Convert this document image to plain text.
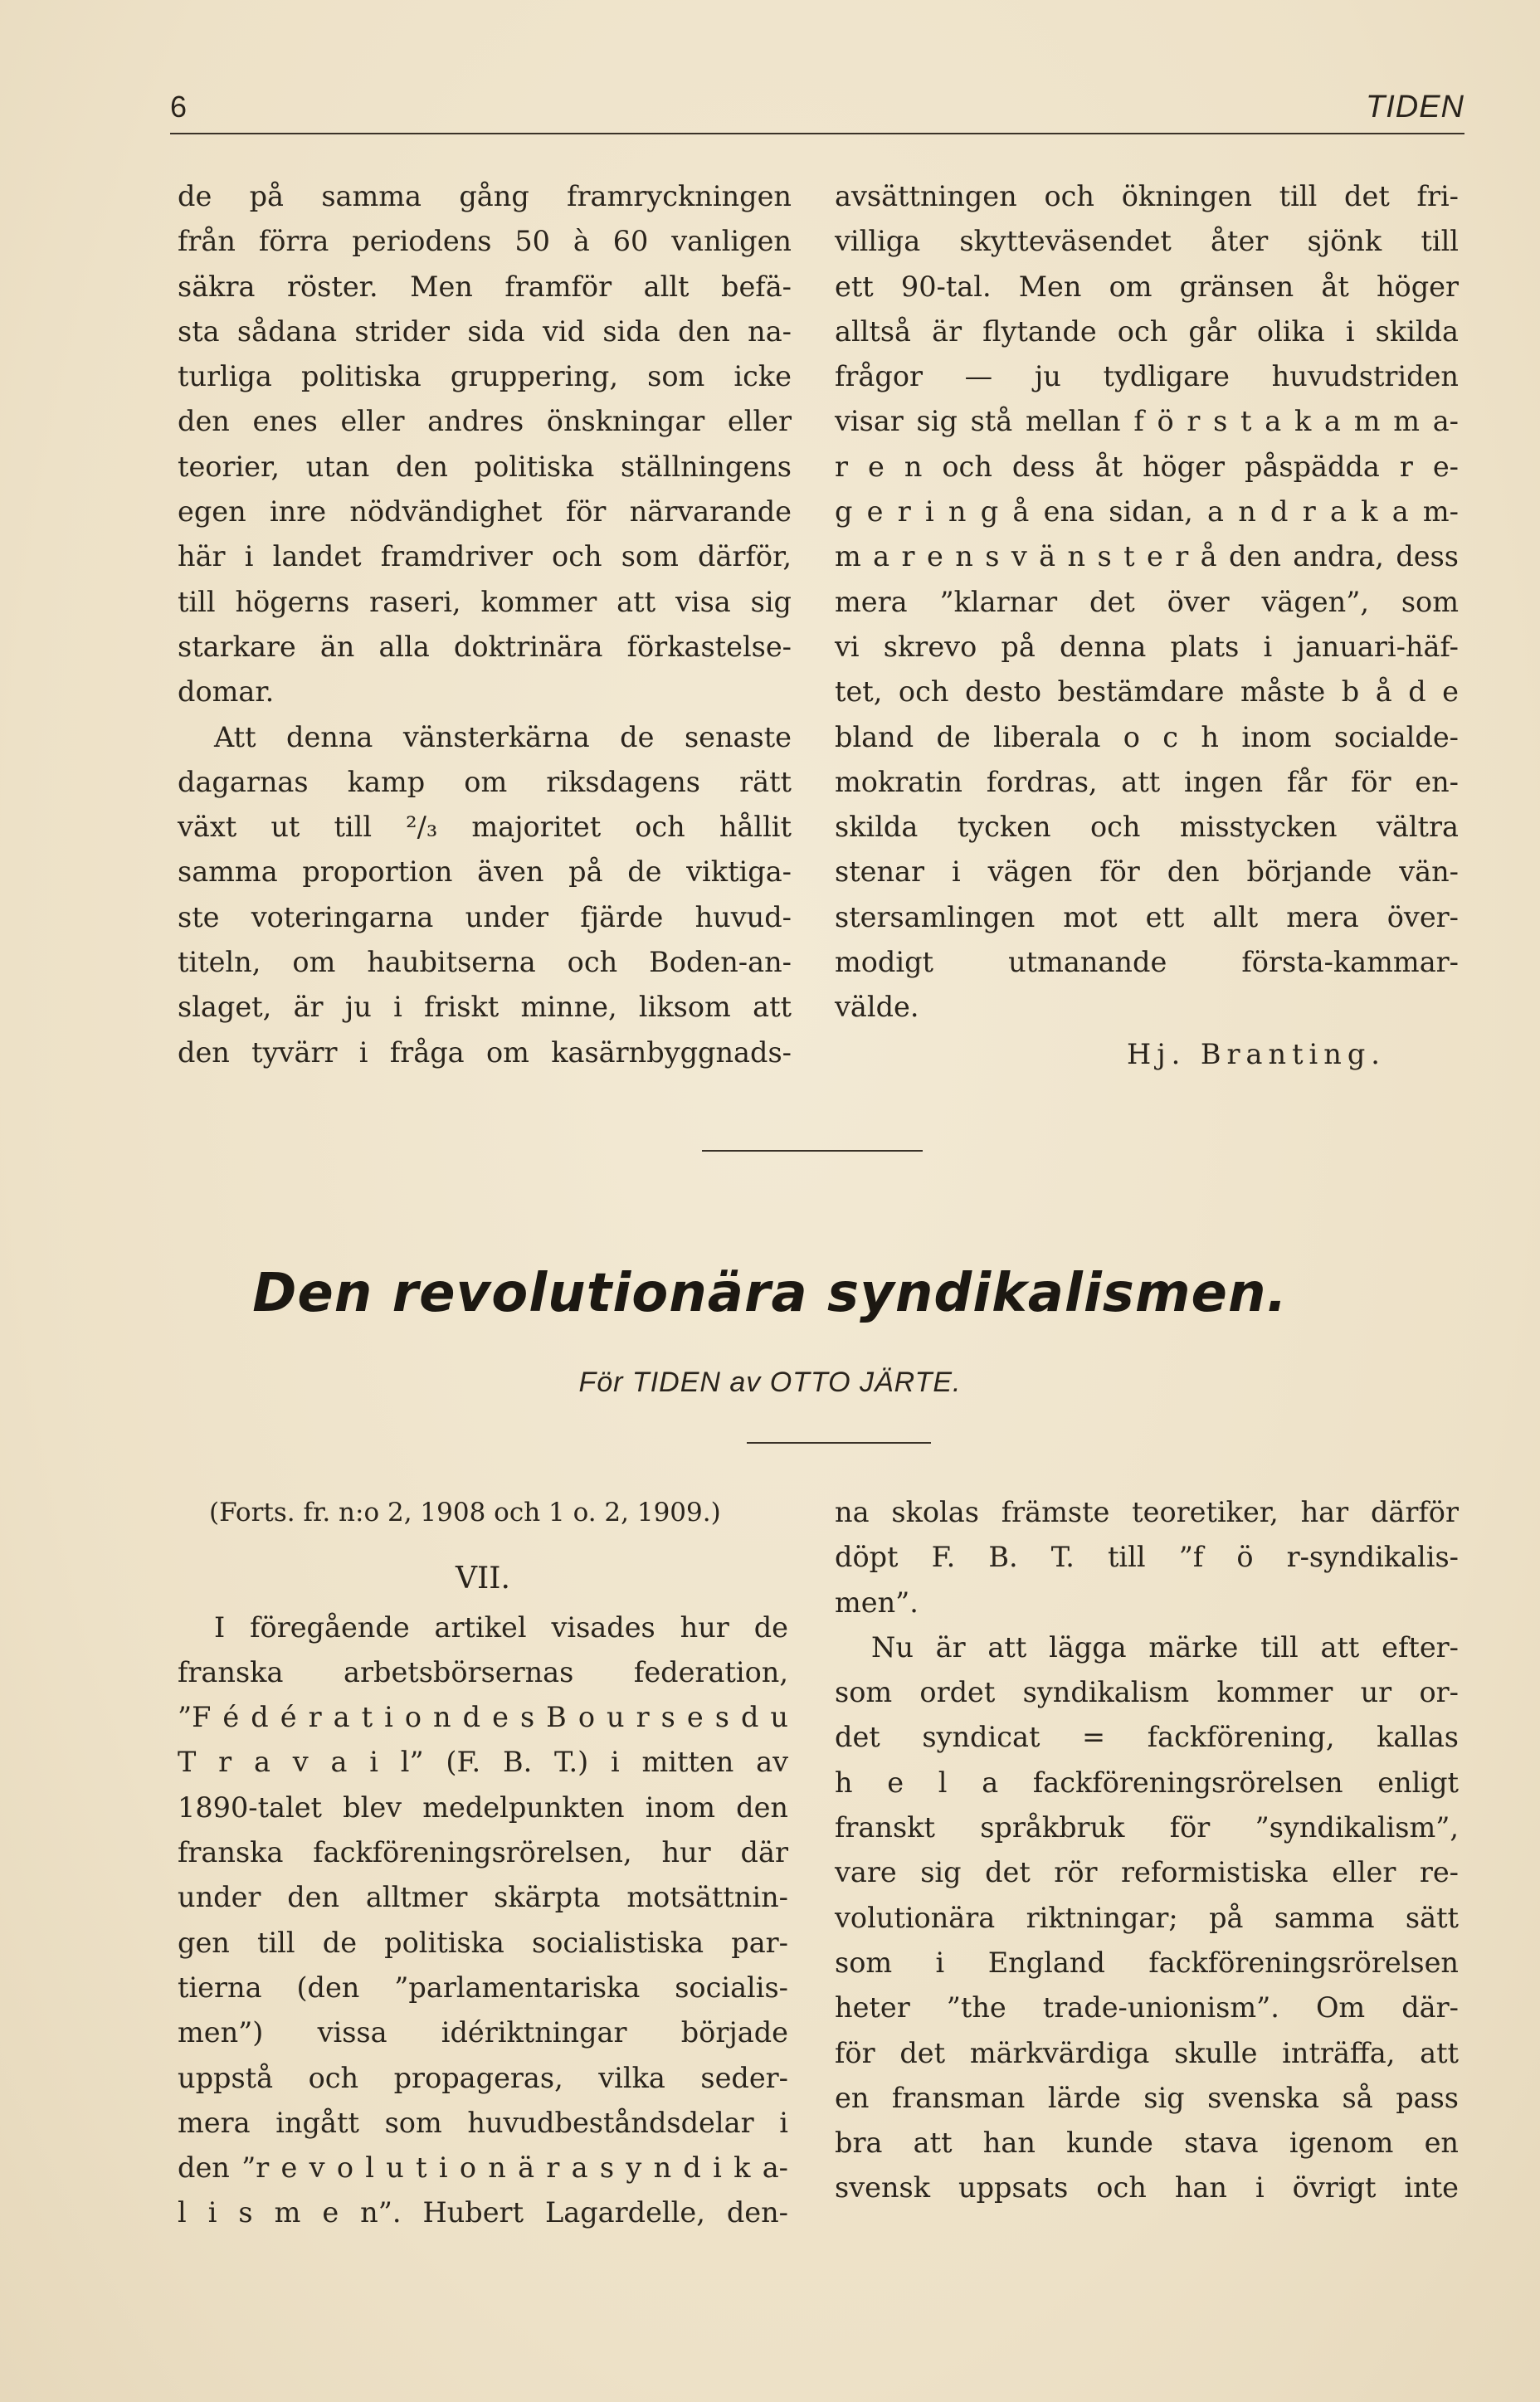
6	TIDEN

de på samma gång framryckningen

från förra periodens 50 à 60 vanligen

säkra röster. Men framför allt befä-

sta sådana strider sida vid sida den na-

turliga politiska gruppering, som icke

den enes eller andres önskningar eller

teorier, utan den politiska ställningens

egen inre nödvändighet för närvarande

här i landet framdriver och som därför,

till högerns raseri, kommer att visa sig

starkare än alla doktrinära förkastelse-

domar.

Att denna vänsterkärna de senaste

dagarnas kamp om riksdagens rätt

växt ut till ²/₃ majoritet och hållit

samma proportion även på de viktiga-

ste voteringarna under fjärde huvud-

titeln, om haubitserna och Boden-an-

slaget, är ju i friskt minne, liksom att

den tyvärr i fråga om kasärnbyggnads-

avsättningen och ökningen till det fri-

villiga skytteväsendet åter sjönk till

ett 90-tal. Men om gränsen åt höger

alltså är flytande och går olika i skilda

frågor — ju tydligare huvudstriden

visar sig stå mellan f ö r s t a k a m m a-

r e n och dess åt höger påspädda r e-

g e r i n g å ena sidan, a n d r a k a m-

m a r e n s v ä n s t e r å den andra, dess

mera ”klarnar det över vägen”, som

vi skrevo på denna plats i januari-häf-

tet, och desto bestämdare måste b å d e

bland de liberala o c h inom socialde-

mokratin fordras, att ingen får för en-

skilda tycken och misstycken vältra

stenar i vägen för den börjande vän-

stersamlingen mot ett allt mera över-

modigt utmanande första-kammar-

välde.

Hj. Branting.
Den revolutionära syndikalismen.
För TIDEN av OTTO JÄRTE.

(Forts. fr. n:o 2, 1908 och 1 o. 2, 1909.)

VII.

I föregående artikel visades hur de

franska arbetsbörsernas federation,

”F é d é r a t i o n d e s B o u r s e s d u

T r a v a i l” (F. B. T.) i mitten av

1890-talet blev medelpunkten inom den

franska fackföreningsrörelsen, hur där

under den alltmer skärpta motsättnin-

gen till de politiska socialistiska par-

tierna (den ”parlamentariska socialis-

men”) vissa idériktningar började

uppstå och propageras, vilka seder-

mera ingått som huvudbeståndsdelar i

den ”r e v o l u t i o n ä r a s y n d i k a-

l i s m e n”. Hubert Lagardelle, den-

na skolas främste teoretiker, har därför

döpt F. B. T. till ”f ö r-syndikalis-

men”.

Nu är att lägga märke till att efter-

som ordet syndikalism kommer ur or-

det syndicat = fackförening, kallas

h e l a fackföreningsrörelsen enligt

franskt språkbruk för ”syndikalism”,

vare sig det rör reformistiska eller re-

volutionära riktningar; på samma sätt

som i England fackföreningsrörelsen

heter ”the trade-unionism”. Om där-

för det märkvärdiga skulle inträffa, att

en fransman lärde sig svenska så pass

bra att han kunde stava igenom en

svensk uppsats och han i övrigt inte
